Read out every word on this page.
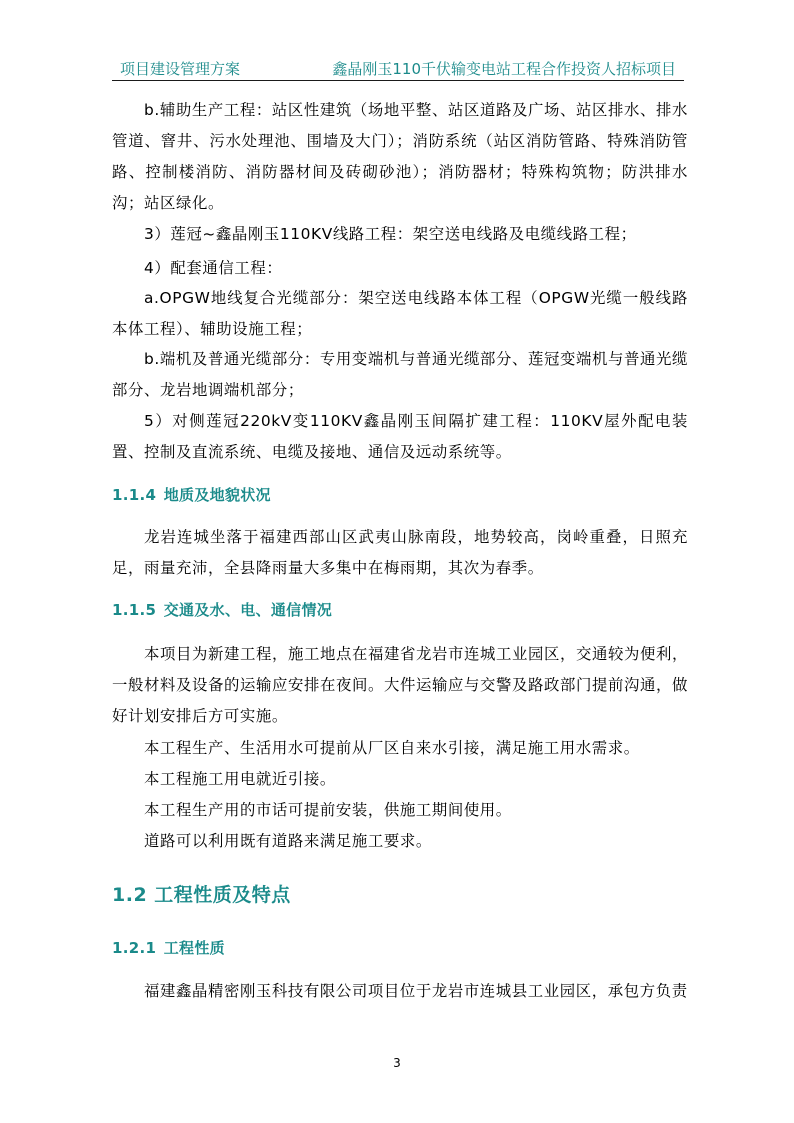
项目建设管理方案	鑫晶刚玉110千伏输变电站工程合作投资人招标项目

b.辅助生产工程：站区性建筑（场地平整、站区道路及广场、站区排水、排水管道、窨井、污水处理池、围墙及大门）；消防系统（站区消防管路、特殊消防管路、控制楼消防、消防器材间及砖砌砂池）；消防器材；特殊构筑物；防洪排水沟；站区绿化。

3）莲冠~鑫晶刚玉110KV线路工程：架空送电线路及电缆线路工程；

4）配套通信工程：

a.OPGW地线复合光缆部分：架空送电线路本体工程（OPGW光缆一般线路本体工程）、辅助设施工程；

b.端机及普通光缆部分：专用变端机与普通光缆部分、莲冠变端机与普通光缆部分、龙岩地调端机部分；

5）对侧莲冠220kV变110KV鑫晶刚玉间隔扩建工程：110KV屋外配电装置、控制及直流系统、电缆及接地、通信及远动系统等。

1.1.4 地质及地貌状况

龙岩连城坐落于福建西部山区武夷山脉南段，地势较高，岗岭重叠，日照充足，雨量充沛，全县降雨量大多集中在梅雨期，其次为春季。

1.1.5 交通及水、电、通信情况

本项目为新建工程，施工地点在福建省龙岩市连城工业园区，交通较为便利，一般材料及设备的运输应安排在夜间。大件运输应与交警及路政部门提前沟通，做好计划安排后方可实施。

本工程生产、生活用水可提前从厂区自来水引接，满足施工用水需求。

本工程施工用电就近引接。

本工程生产用的市话可提前安装，供施工期间使用。

道路可以利用既有道路来满足施工要求。

1.2 工程性质及特点
1.2.1 工程性质

福建鑫晶精密刚玉科技有限公司项目位于龙岩市连城县工业园区，承包方负责

3
